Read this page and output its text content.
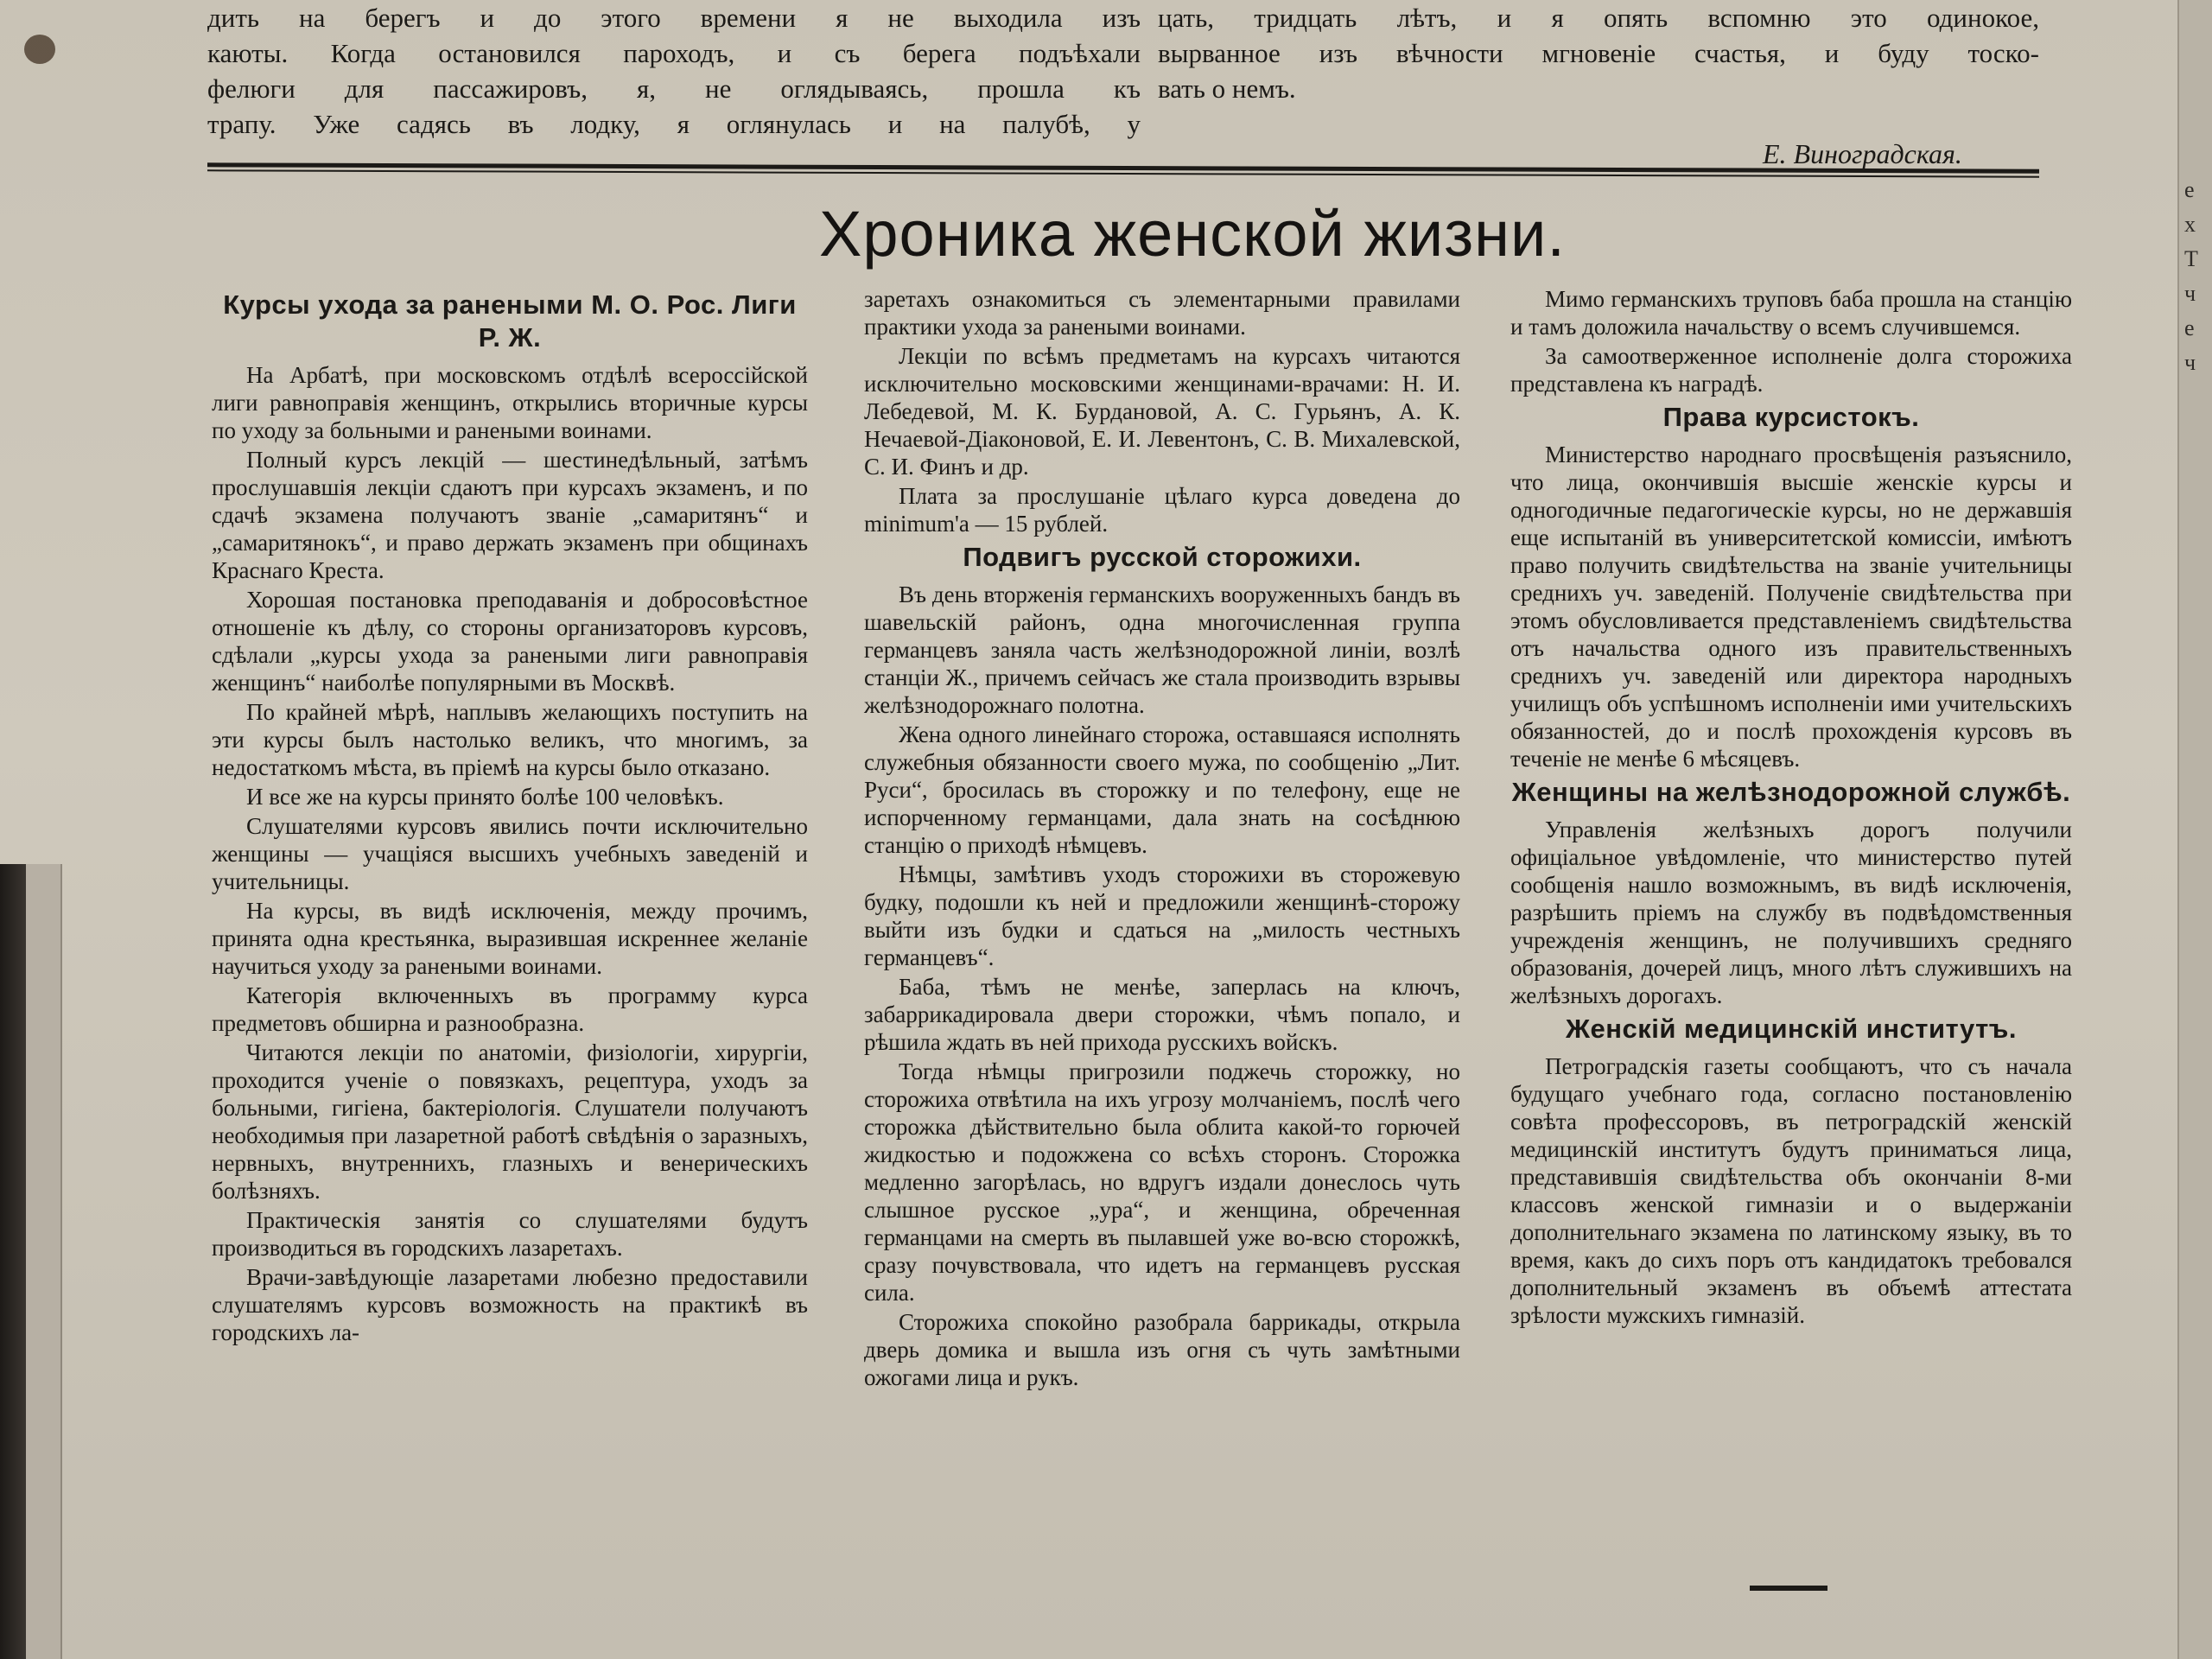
е
х
Т
ч
е
ч

дить на берегъ и до этого времени я не выходила изъ

каюты. Когда остановился пароходъ, и съ берега подъѣхали

фелюги для пассажировъ, я, не оглядываясь, прошла къ

трапу. Уже садясь въ лодку, я оглянулась и на палубѣ, у

цать, тридцать лѣтъ, и я опять вспомню это одинокое,

вырванное изъ вѣчности мгновеніе счастья, и буду тоско-

вать о немъ.

Е. Виноградская.
Хроника женской жизни.
Курсы ухода за ранеными М. О. Рос. Лиги Р. Ж.

На Арбатѣ, при московскомъ отдѣлѣ всероссійской лиги равноправія женщинъ, открылись вторичные курсы по уходу за больными и ранеными воинами.

Полный курсъ лекцій — шестинедѣльный, затѣмъ прослушавшія лекціи сдаютъ при курсахъ экзаменъ, и по сдачѣ экзамена получаютъ званіе „самаритянъ“ и „самаритянокъ“, и право держать экзаменъ при общинахъ Краснаго Креста.

Хорошая постановка преподаванія и добросовѣстное отношеніе къ дѣлу, со стороны организаторовъ курсовъ, сдѣлали „курсы ухода за ранеными лиги равноправія женщинъ“ наиболѣе популярными въ Москвѣ.

По крайней мѣрѣ, наплывъ желающихъ поступить на эти курсы былъ настолько великъ, что многимъ, за недостаткомъ мѣста, въ пріемѣ на курсы было отказано.

И все же на курсы принято болѣе 100 человѣкъ.

Слушателями курсовъ явились почти исключительно женщины — учащіяся высшихъ учебныхъ заведеній и учительницы.

На курсы, въ видѣ исключенія, между прочимъ, принята одна крестьянка, выразившая искреннее желаніе научиться уходу за ранеными воинами.

Категорія включенныхъ въ программу курса предметовъ обширна и разнообразна.

Читаются лекціи по анатоміи, физіологіи, хирургіи, проходится ученіе о повязкахъ, рецептура, уходъ за больными, гигіена, бактеріологія. Слушатели получаютъ необходимыя при лазаретной работѣ свѣдѣнія о заразныхъ, нервныхъ, внутреннихъ, глазныхъ и венерическихъ болѣзняхъ.

Практическія занятія со слушателями будутъ производиться въ городскихъ лазаретахъ.

Врачи-завѣдующіе лазаретами любезно предоставили слушателямъ курсовъ возможность на практикѣ въ городскихъ ла-

заретахъ ознакомиться съ элементарными правилами практики ухода за ранеными воинами.

Лекціи по всѣмъ предметамъ на курсахъ читаются исключительно московскими женщинами-врачами: Н. И. Лебедевой, М. К. Бурдановой, А. С. Гурьянъ, А. К. Нечаевой-Діаконовой, Е. И. Левентонъ, С. В. Михалевской, С. И. Финъ и др.

Плата за прослушаніе цѣлаго курса доведена до minimum'a — 15 рублей.

Подвигъ русской сторожихи.

Въ день вторженія германскихъ вооруженныхъ бандъ въ шавельскій районъ, одна многочисленная группа германцевъ заняла часть желѣзнодорожной линіи, возлѣ станціи Ж., причемъ сейчасъ же стала производить взрывы желѣзнодорожнаго полотна.

Жена одного линейнаго сторожа, оставшаяся исполнять служебныя обязанности своего мужа, по сообщенію „Лит. Руси“, бросилась въ сторожку и по телефону, еще не испорченному германцами, дала знать на сосѣднюю станцію о приходѣ нѣмцевъ.

Нѣмцы, замѣтивъ уходъ сторожихи въ сторожевую будку, подошли къ ней и предложили женщинѣ-сторожу выйти изъ будки и сдаться на „милость честныхъ германцевъ“.

Баба, тѣмъ не менѣе, заперлась на ключъ, забаррикадировала двери сторожки, чѣмъ попало, и рѣшила ждать въ ней прихода русскихъ войскъ.

Тогда нѣмцы пригрозили поджечь сторожку, но сторожиха отвѣтила на ихъ угрозу молчаніемъ, послѣ чего сторожка дѣйствительно была облита какой-то горючей жидкостью и подожжена со всѣхъ сторонъ. Сторожка медленно загорѣлась, но вдругъ издали донеслось чуть слышное русское „ура“, и женщина, обреченная германцами на смерть въ пылавшей уже во-всю сторожкѣ, сразу почувствовала, что идетъ на германцевъ русская сила.

Сторожиха спокойно разобрала баррикады, открыла дверь домика и вышла изъ огня съ чуть замѣтными ожогами лица и рукъ.

Мимо германскихъ труповъ баба прошла на станцію и тамъ доложила начальству о всемъ случившемся.

За самоотверженное исполненіе долга сторожиха представлена къ наградѣ.

Права курсистокъ.

Министерство народнаго просвѣщенія разъяснило, что лица, окончившія высшіе женскіе курсы и одногодичные педагогическіе курсы, но не державшія еще испытаній въ университетской комиссіи, имѣютъ право получить свидѣтельства на званіе учительницы среднихъ уч. заведеній. Полученіе свидѣтельства при этомъ обусловливается представленіемъ свидѣтельства отъ начальства одного изъ правительственныхъ среднихъ уч. заведеній или директора народныхъ училищъ объ успѣшномъ исполненіи ими учительскихъ обязанностей, до и послѣ прохожденія курсовъ въ теченіе не менѣе 6 мѣсяцевъ.

Женщины на желѣзнодорожной службѣ.

Управленія желѣзныхъ дорогъ получили офиціальное увѣдомленіе, что министерство путей сообщенія нашло возможнымъ, въ видѣ исключенія, разрѣшить пріемъ на службу въ подвѣдомственныя учрежденія женщинъ, не получившихъ средняго образованія, дочерей лицъ, много лѣтъ служившихъ на желѣзныхъ дорогахъ.

Женскій медицинскій институтъ.

Петроградскія газеты сообщаютъ, что съ начала будущаго учебнаго года, согласно постановленію совѣта профессоровъ, въ петроградскій женскій медицинскій институтъ будутъ приниматься лица, представившія свидѣтельства объ окончаніи 8-ми классовъ женской гимназіи и о выдержаніи дополнительнаго экзамена по латинскому языку, въ то время, какъ до сихъ поръ отъ кандидатокъ требовался дополнительный экзаменъ въ объемѣ аттестата зрѣлости мужскихъ гимназій.
